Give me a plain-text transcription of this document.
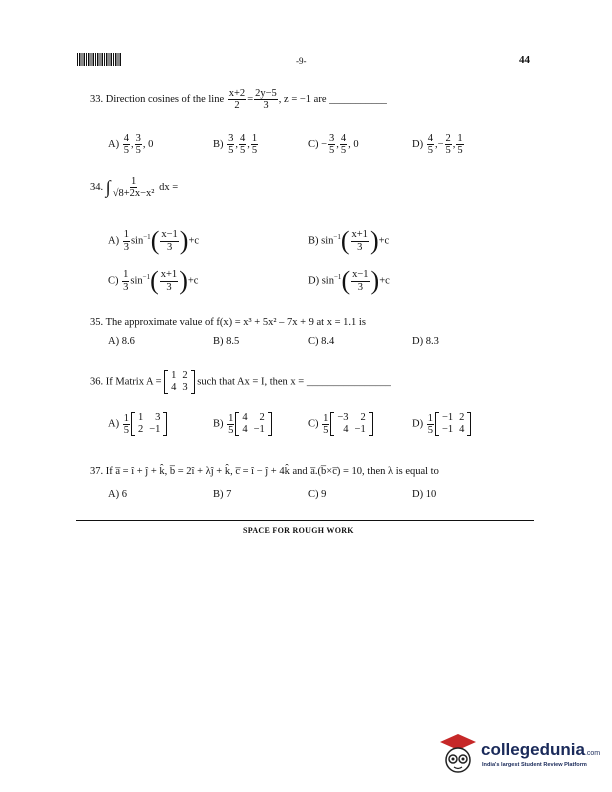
-9-	44
33. Direction cosines of the line $\frac{x+2}{2} = \frac{2y-5}{3}$ , z = −1 are ___________
$A) \frac{4}{5}$ , $\frac{3}{5}$ , 0	$B) \frac{3}{5}$ , $\frac{4}{5}$ , $\frac{1}{5}$	$C) - \frac{3}{5}$ , $\frac{4}{5}$ , 0	$D) \frac{4}{5}$ ,− $\frac{2}{5}$ , $\frac{1}{5}$
34. ∫ $\frac{1}{\text{√8+2x−x²}}$ dx =
$A) \frac{1}{3} \sin^{-1}( \frac{x-1}{3} )+c$	B) $\sin^{-1}( \frac{x+1}{3} )+c$
$C) \frac{1}{3} \sin^{-1}( \frac{x+1}{3} )+c$	D) $\sin^{-1}( \frac{x-1}{3} )+c$
35. The approximate value of f(x) = x³ + 5x² – 7x + 9 at x = 1.1 is
A) 8.6	B) 8.5	C) 8.4	D) 8.3
36. If Matrix A =
1	2
4	3
such that Ax = I, then x = ________________
$A) \frac{1}{5} 1$	3
2	−1
$B) \frac{1}{5} 4$	2
4	−1
$C) \frac{1}{5} -3$	2
4	−1
$D) \frac{1}{5} -1$	2
−1	4
37. If a̅ = î + ĵ + k̂, b̅ = 2î + λĵ + k̂, c̅ = î − ĵ + 4k̂ and a̅.(b̅×c̅) = 10, then λ is equal to
A) 6	B) 7	C) 9	D) 10
SPACE FOR ROUGH WORK
collegedunia.com
India's largest Student Review Platform
